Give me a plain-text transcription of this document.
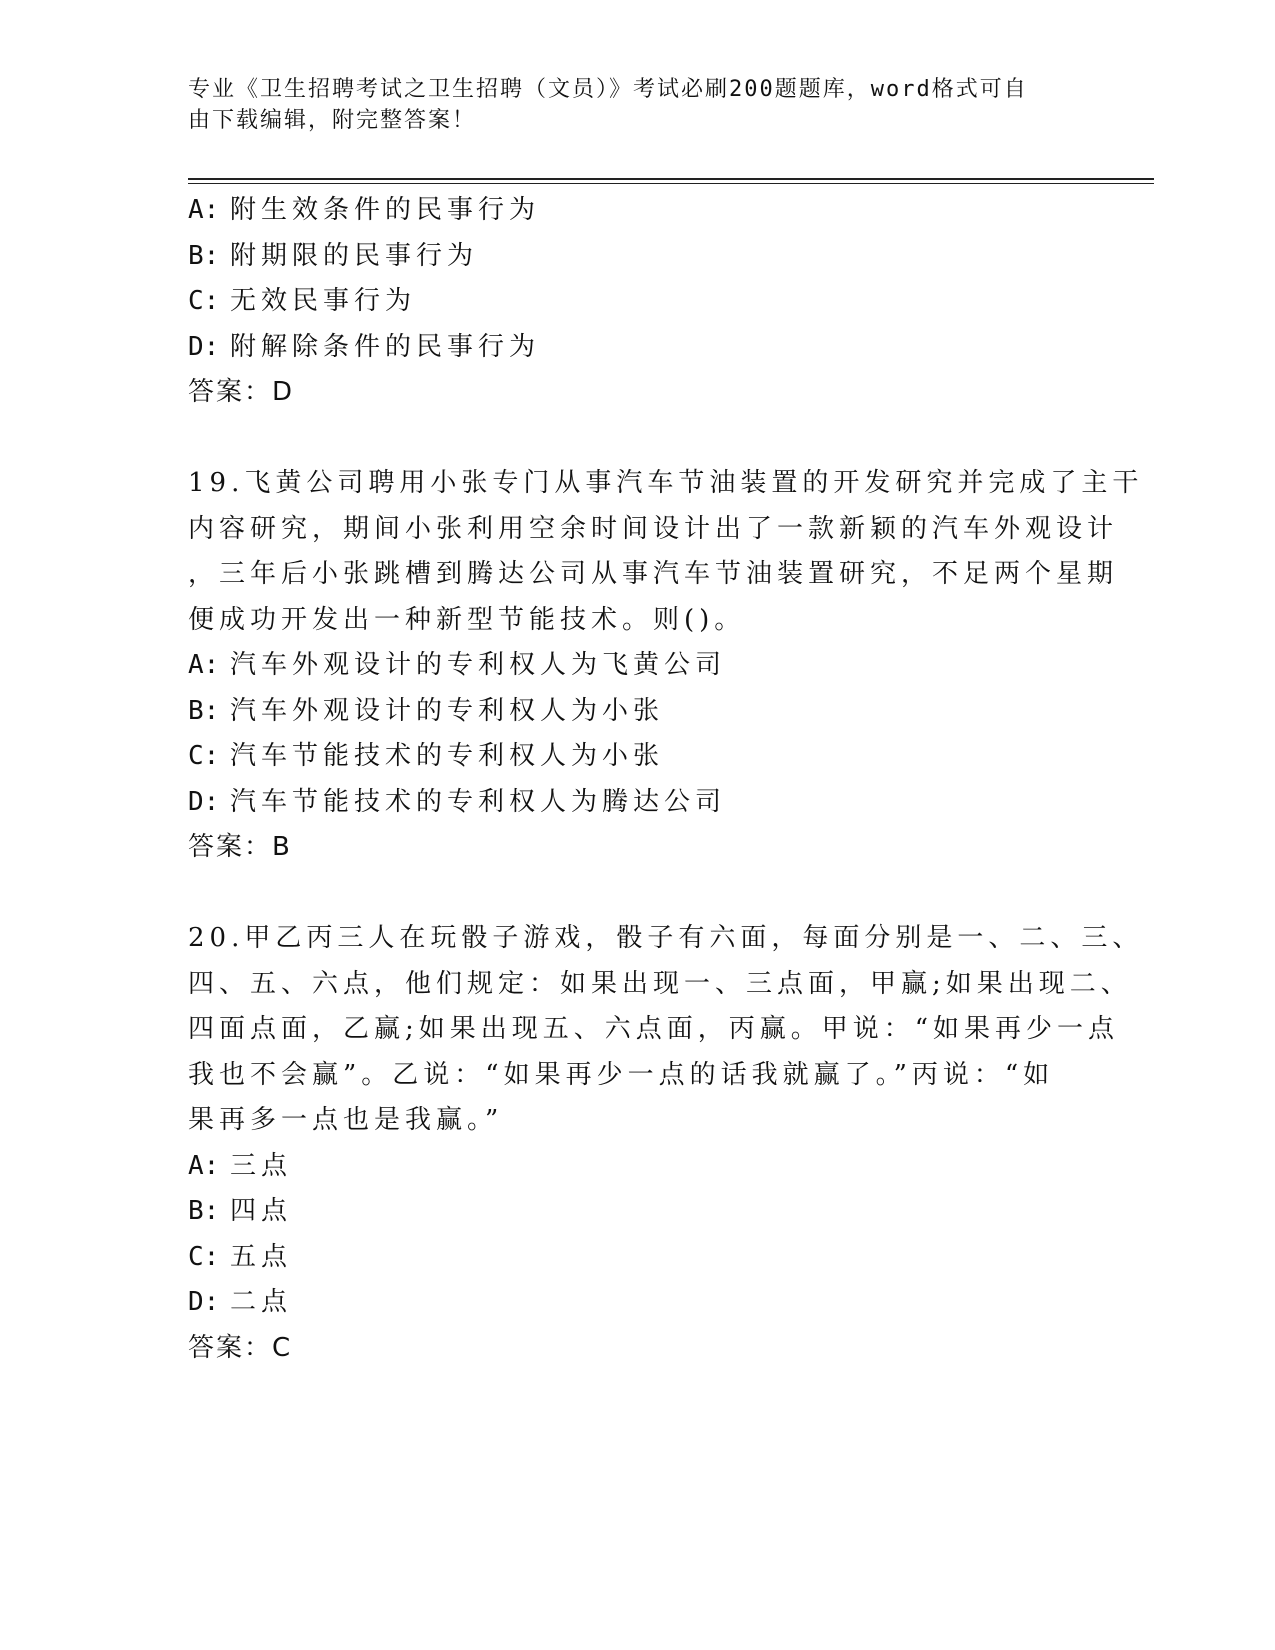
专业《卫生招聘考试之卫生招聘（文员）》考试必刷200题题库，word格式可自
由下载编辑，附完整答案！
A: 附生效条件的民事行为
B: 附期限的民事行为
C: 无效民事行为
D: 附解除条件的民事行为
答案：D
19.飞黄公司聘用小张专门从事汽车节油装置的开发研究并完成了主干
内容研究，期间小张利用空余时间设计出了一款新颖的汽车外观设计
，三年后小张跳槽到腾达公司从事汽车节油装置研究，不足两个星期
便成功开发出一种新型节能技术。则()。
A: 汽车外观设计的专利权人为飞黄公司
B: 汽车外观设计的专利权人为小张
C: 汽车节能技术的专利权人为小张
D: 汽车节能技术的专利权人为腾达公司
答案：B
20.甲乙丙三人在玩骰子游戏，骰子有六面，每面分别是一、二、三、
四、五、六点，他们规定：如果出现一、三点面，甲赢;如果出现二、
四面点面，乙赢;如果出现五、六点面，丙赢。甲说：“如果再少一点
我也不会赢”。乙说：“如果再少一点的话我就赢了。”丙说：“如
果再多一点也是我赢。”
A: 三点
B: 四点
C: 五点
D: 二点
答案：C
